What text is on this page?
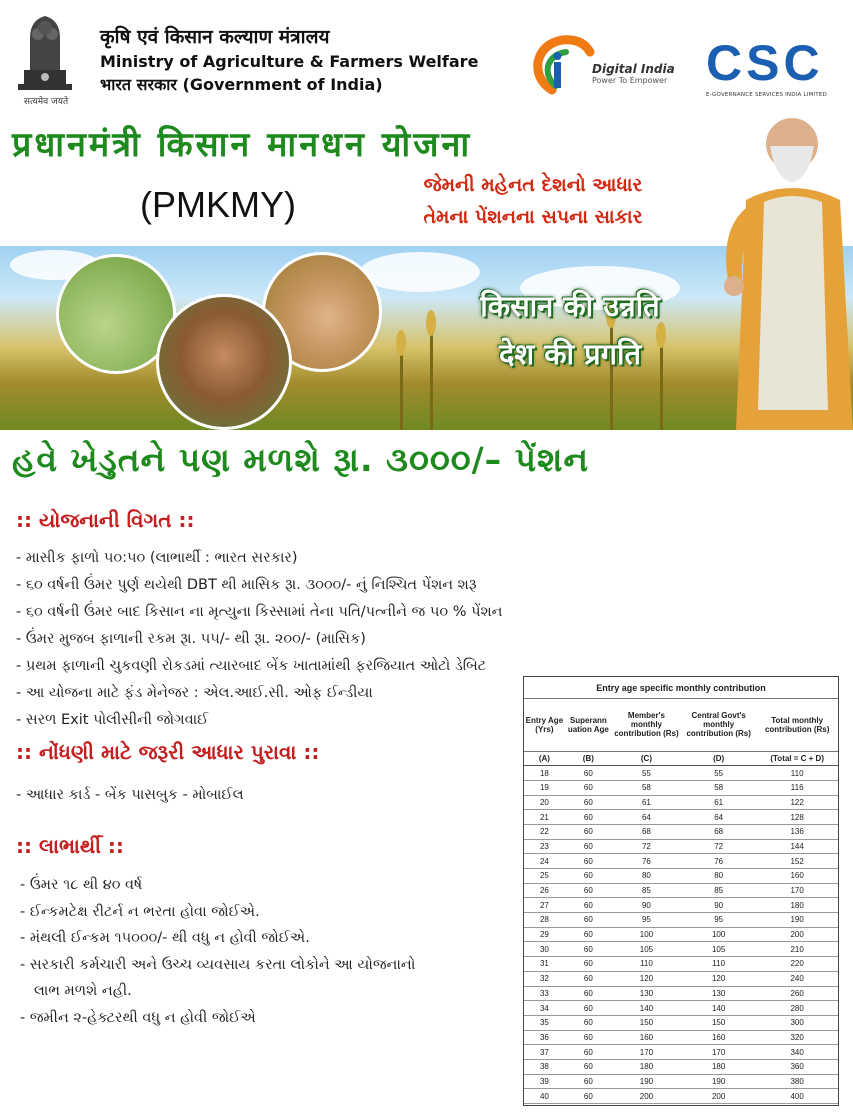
सत्यमेव जयते
कृषि एवं किसान कल्याण मंत्रालय
Ministry of Agriculture & Farmers Welfare
भारत सरकार (Government of India)
Digital India
Power To Empower C S C
E-GOVERNANCE SERVICES INDIA LIMITED
प्रधानमंत्री किसान मानधन योजना
(PMKMY)	જેમની મહેનત દેશનો આધાર
તેમના પેંશનના સપના સાકાર
किसान की उन्नति
देश की प्रगति
હવે ખેડુતને પણ મળશે રૂા. ૩૦૦૦/– પેંશન
:: યોજનાની વિગત ::
- માસીક ફાળો ૫૦:૫૦ (લાભાર્થી : ભારત સરકાર)
- ૬૦ વર્ષની ઉંમર પુર્ણ થયેથી DBT થી માસિક રૂા. ૩૦૦૦/- નું નિશ્ચિત પેંશન શરૂ
- ૬૦ વર્ષની ઉંમર બાદ કિસાન ના મૃત્યુના કિસ્સામાં તેના પતિ/પત્નીને જ ૫૦ % પેંશન
- ઉંમર મુજબ ફાળાની રકમ રૂા. ૫૫/- થી રૂા. ૨૦૦/- (માસિક)
- પ્રથમ ફાળાની ચુકવણી રોકડમાં ત્યારબાદ બેંક ખાતામાંથી ફરજિયાત ઓટો ડેબિટ
- આ યોજના માટે ફંડ મેનેજર : એલ.આઈ.સી. ઓફ ઈન્ડીયા
- સરળ Exit પોલીસીની જોગવાઈ
:: નોંધણી માટે જરૂરી આધાર પુરાવા ::
- આધાર કાર્ડ - બેંક પાસબુક - મોબાઈલ
:: લાભાર્થી ::
- ઉંમર ૧૮ થી ૪૦ વર્ષ
- ઈન્કમટેક્ષ રીટર્ન ન ભરતા હોવા જોઈએ.
- મંથલી ઈન્કમ ૧૫૦૦૦/- થી વધુ ન હોવી જોઈએ.
- સરકારી કર્મચારી અને ઉચ્ચ વ્યવસાય કરતા લોકોને આ યોજનાનો
લાભ મળશે નહી.
- જમીન ૨-હેક્ટરથી વધુ ન હોવી જોઈએ
Entry age specific monthly contribution
Entry Age (Yrs)	Superann uation Age	Member's monthly contribution (Rs)	Central Govt's monthly contribution (Rs)	Total monthly contribution (Rs)
(A)	(B)	(C)	(D)	(Total = C + D)
18	60	55	55	110
19	60	58	58	116
20	60	61	61	122
21	60	64	64	128
22	60	68	68	136
23	60	72	72	144
24	60	76	76	152
25	60	80	80	160
26	60	85	85	170
27	60	90	90	180
28	60	95	95	190
29	60	100	100	200
30	60	105	105	210
31	60	110	110	220
32	60	120	120	240
33	60	130	130	260
34	60	140	140	280
35	60	150	150	300
36	60	160	160	320
37	60	170	170	340
38	60	180	180	360
39	60	190	190	380
40	60	200	200	400
